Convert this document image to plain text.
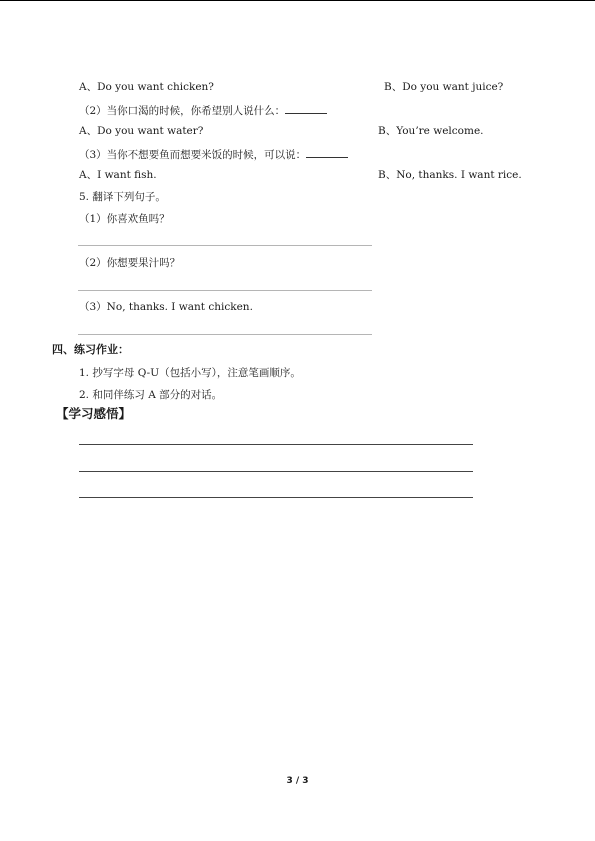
A、Do you want chicken?	B、Do you want juice?
（2）当你口渴的时候，你希望别人说什么：
A、Do you want water?	B、You’re welcome.
（3）当你不想要鱼而想要米饭的时候，可以说：
A、I want fish.	B、No, thanks. I want rice.
5. 翻译下列句子。
（1）你喜欢鱼吗？
（2）你想要果汁吗？
（3）No, thanks. I want chicken.
四、练习作业：
1. 抄写字母 Q-U（包括小写），注意笔画顺序。
2. 和同伴练习 A 部分的对话。
【学习感悟】
3 / 3
